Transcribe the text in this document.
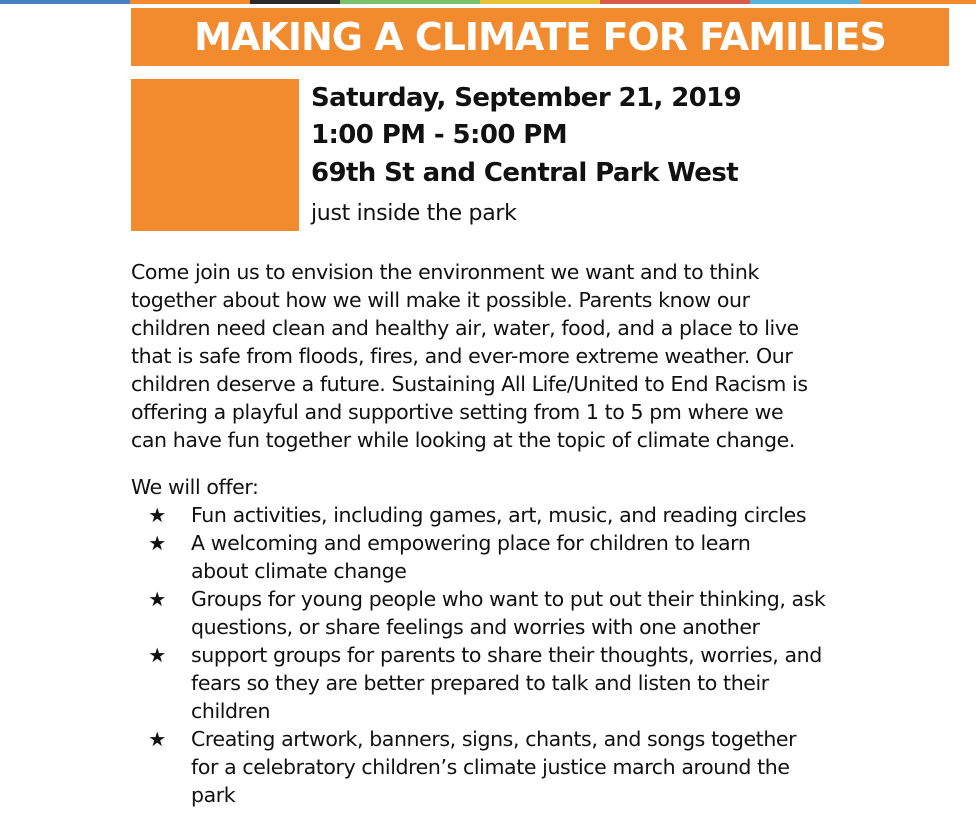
MAKING A CLIMATE FOR FAMILIES
DATE:
TIME:
LOCATION:
Saturday, September 21, 2019
1:00 PM - 5:00 PM
69th St and Central Park West
just inside the park
Come join us to envision the environment we want and to think
together about how we will make it possible. Parents know our
children need clean and healthy air, water, food, and a place to live
that is safe from floods, fires, and ever-more extreme weather. Our
children deserve a future. Sustaining All Life/United to End Racism is
offering a playful and supportive setting from 1 to 5 pm where we
can have fun together while looking at the topic of climate change.
We will offer:
★ Fun activities, including games, art, music, and reading circles
★ A welcoming and empowering place for children to learn
about climate change
★ Groups for young people who want to put out their thinking, ask
questions, or share feelings and worries with one another
★ support groups for parents to share their thoughts, worries, and
fears so they are better prepared to talk and listen to their
children
★ Creating artwork, banners, signs, chants, and songs together
for a celebratory children’s climate justice march around the
park
